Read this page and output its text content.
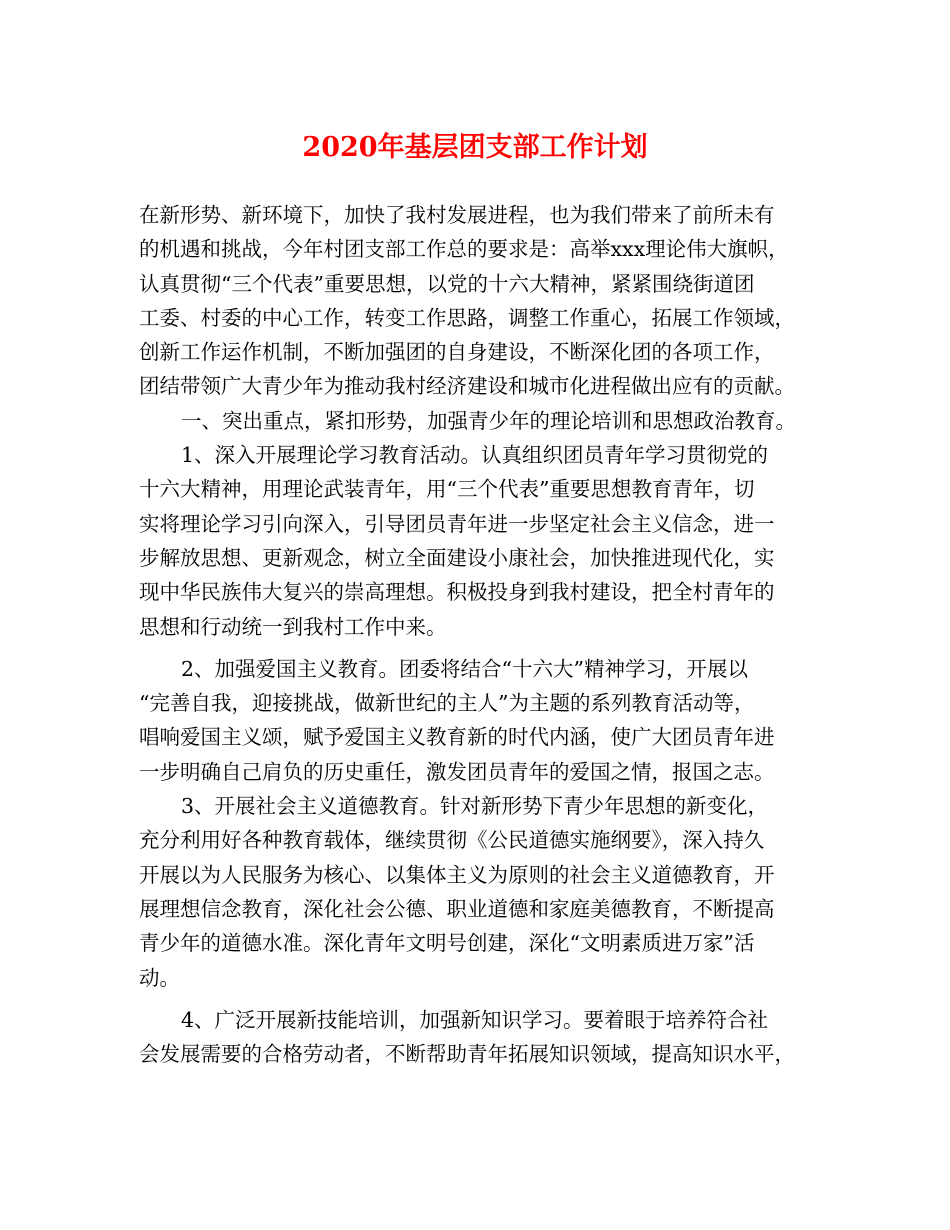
2020年基层团支部工作计划
在新形势、新环境下，加快了我村发展进程，也为我们带来了前所未有
的机遇和挑战，今年村团支部工作总的要求是：高举xxx理论伟大旗帜，
认真贯彻“三个代表”重要思想，以党的十六大精神，紧紧围绕街道团
工委、村委的中心工作，转变工作思路，调整工作重心，拓展工作领域，
创新工作运作机制，不断加强团的自身建设，不断深化团的各项工作，
团结带领广大青少年为推动我村经济建设和城市化进程做出应有的贡献。
一、突出重点，紧扣形势，加强青少年的理论培训和思想政治教育。
1、深入开展理论学习教育活动。认真组织团员青年学习贯彻党的
十六大精神，用理论武装青年，用“三个代表”重要思想教育青年，切
实将理论学习引向深入，引导团员青年进一步坚定社会主义信念，进一
步解放思想、更新观念，树立全面建设小康社会，加快推进现代化，实
现中华民族伟大复兴的崇高理想。积极投身到我村建设，把全村青年的
思想和行动统一到我村工作中来。
2、加强爱国主义教育。团委将结合“十六大”精神学习，开展以
“完善自我，迎接挑战，做新世纪的主人”为主题的系列教育活动等，
唱响爱国主义颂，赋予爱国主义教育新的时代内涵，使广大团员青年进
一步明确自己肩负的历史重任，激发团员青年的爱国之情，报国之志。
3、开展社会主义道德教育。针对新形势下青少年思想的新变化，
充分利用好各种教育载体，继续贯彻《公民道德实施纲要》，深入持久
开展以为人民服务为核心、以集体主义为原则的社会主义道德教育，开
展理想信念教育，深化社会公德、职业道德和家庭美德教育，不断提高
青少年的道德水准。深化青年文明号创建，深化“文明素质进万家”活
动。
4、广泛开展新技能培训，加强新知识学习。要着眼于培养符合社
会发展需要的合格劳动者，不断帮助青年拓展知识领域，提高知识水平，
